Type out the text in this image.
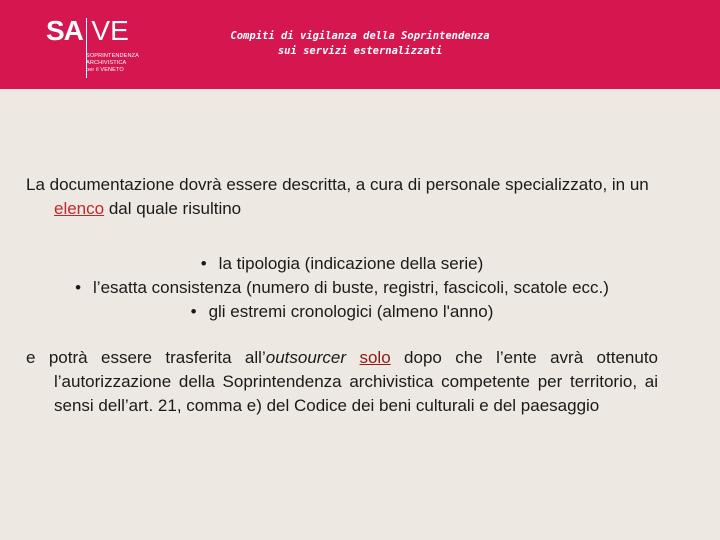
SA VE
SOPRINTENDENZA
ARCHIVISTICA
per il VENETO
Compiti di vigilanza della Soprintendenza
sui servizi esternalizzati

La documentazione dovrà essere descritta, a cura di personale specializzato, in un elenco dal quale risultino

• la tipologia (indicazione della serie)
• l’esatta consistenza (numero di buste, registri, fascicoli, scatole ecc.)
• gli estremi cronologici (almeno l'anno)

e potrà essere trasferita all’outsourcer solo dopo che l’ente avrà ottenuto l’autorizzazione della Soprintendenza archivistica competente per territorio, ai sensi dell’art. 21, comma e) del Codice dei beni culturali e del paesaggio
